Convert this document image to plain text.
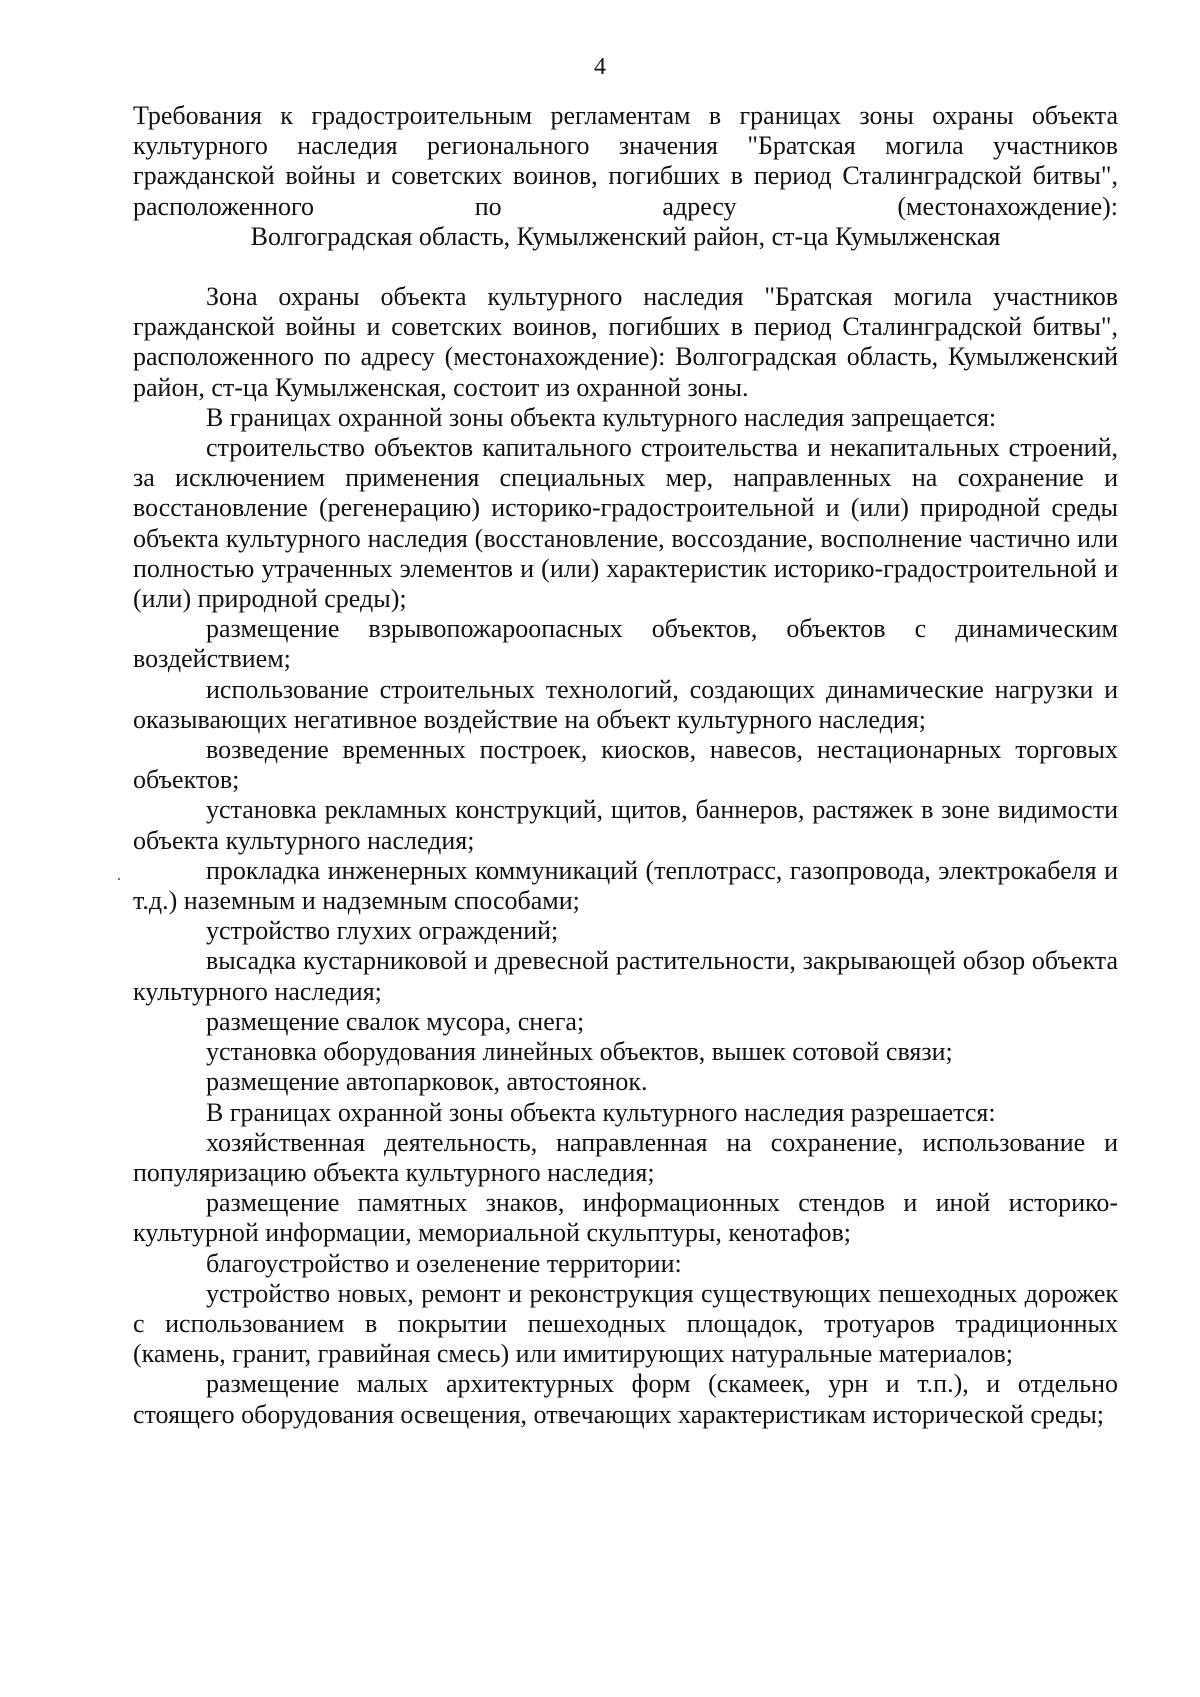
4

Требования к градостроительным регламентам в границах зоны охраны объекта культурного наследия регионального значения "Братская могила участников гражданской войны и советских воинов, погибших в период Сталинградской битвы", расположенного по адресу (местонахождение):

Волгоградская область, Кумылженский район, ст-ца Кумылженская

Зона охраны объекта культурного наследия "Братская могила участников гражданской войны и советских воинов, погибших в период Сталинградской битвы", расположенного по адресу (местонахождение): Волгоградская область, Кумылженский район, ст-ца Кумылженская, состоит из охранной зоны.

В границах охранной зоны объекта культурного наследия запрещается:

строительство объектов капитального строительства и некапитальных строений, за исключением применения специальных мер, направленных на сохранение и восстановление (регенерацию) историко-градостроительной и (или) природной среды объекта культурного наследия (восстановление, воссоздание, восполнение частично или полностью утраченных элементов и (или) характеристик историко-градостроительной и (или) природной среды);

размещение взрывопожароопасных объектов, объектов с динамическим воздействием;

использование строительных технологий, создающих динамические нагрузки и оказывающих негативное воздействие на объект культурного наследия;

возведение временных построек, киосков, навесов, нестационарных торговых объектов;

установка рекламных конструкций, щитов, баннеров, растяжек в зоне видимости объекта культурного наследия;

прокладка инженерных коммуникаций (теплотрасс, газопровода, электрокабеля и т.д.) наземным и надземным способами;

устройство глухих ограждений;

высадка кустарниковой и древесной растительности, закрывающей обзор объекта культурного наследия;

размещение свалок мусора, снега;

установка оборудования линейных объектов, вышек сотовой связи;

размещение автопарковок, автостоянок.

В границах охранной зоны объекта культурного наследия разрешается:

хозяйственная деятельность, направленная на сохранение, использование и популяризацию объекта культурного наследия;

размещение памятных знаков, информационных стендов и иной историко-культурной информации, мемориальной скульптуры, кенотафов;

благоустройство и озеленение территории:

устройство новых, ремонт и реконструкция существующих пешеходных дорожек с использованием в покрытии пешеходных площадок, тротуаров традиционных (камень, гранит, гравийная смесь) или имитирующих натуральные материалов;

размещение малых архитектурных форм (скамеек, урн и т.п.), и отдельно стоящего оборудования освещения, отвечающих характеристикам исторической среды;
